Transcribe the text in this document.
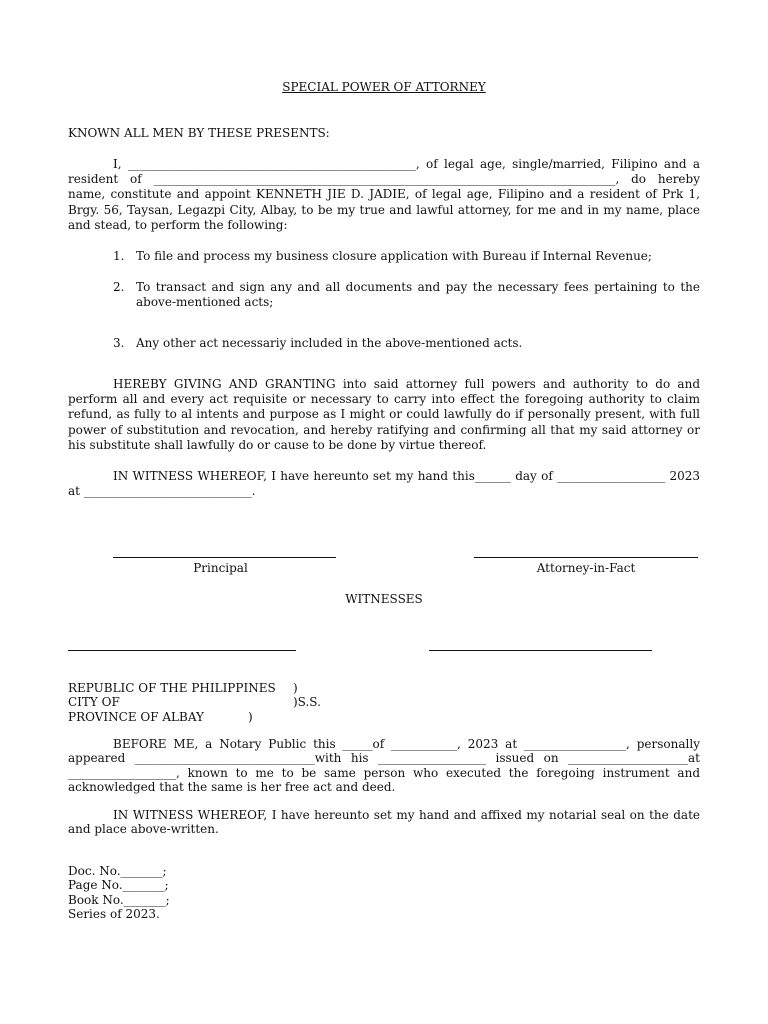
SPECIAL POWER OF ATTORNEY

KNOWN ALL MEN BY THESE PRESENTS:

I, ________________________________________________, of legal age, single/married, Filipino and a resident of _____________________________________________________________________________, do hereby name, constitute and appoint KENNETH JIE D. JADIE, of legal age, Filipino and a resident of Prk 1, Brgy. 56, Taysan, Legazpi City, Albay, to be my true and lawful attorney, for me and in my name, place and stead, to perform the following:

1. To file and process my business closure application with Bureau if Internal Revenue;

2. To transact and sign any and all documents and pay the necessary fees pertaining to the above-mentioned acts;

3. Any other act necessariy included in the above-mentioned acts.

HEREBY GIVING AND GRANTING into said attorney full powers and authority to do and perform all and every act requisite or necessary to carry into effect the foregoing authority to claim refund, as fully to al intents and purpose as I might or could lawfully do if personally present, with full power of substitution and revocation, and hereby ratifying and confirming all that my said attorney or his substitute shall lawfully do or cause to be done by virtue thereof.

IN WITNESS WHEREOF, I have hereunto set my hand this______ day of __________________ 2023 at ____________________________.

Principal	Attorney-in-Fact

WITNESSES

REPUBLIC OF THE PHILIPPINES )
CITY OF	)S.S.
PROVINCE OF ALBAY	)

BEFORE ME, a Notary Public this _____of ___________, 2023 at _________________, personally appeared ______________________________with his __________________ issued on ____________________at __________________, known to me to be same person who executed the foregoing instrument and acknowledged that the same is her free act and deed.

IN WITNESS WHEREOF, I have hereunto set my hand and affixed my notarial seal on the date and place above-written.

Doc. No._______;
Page No._______;
Book No._______;
Series of 2023.
